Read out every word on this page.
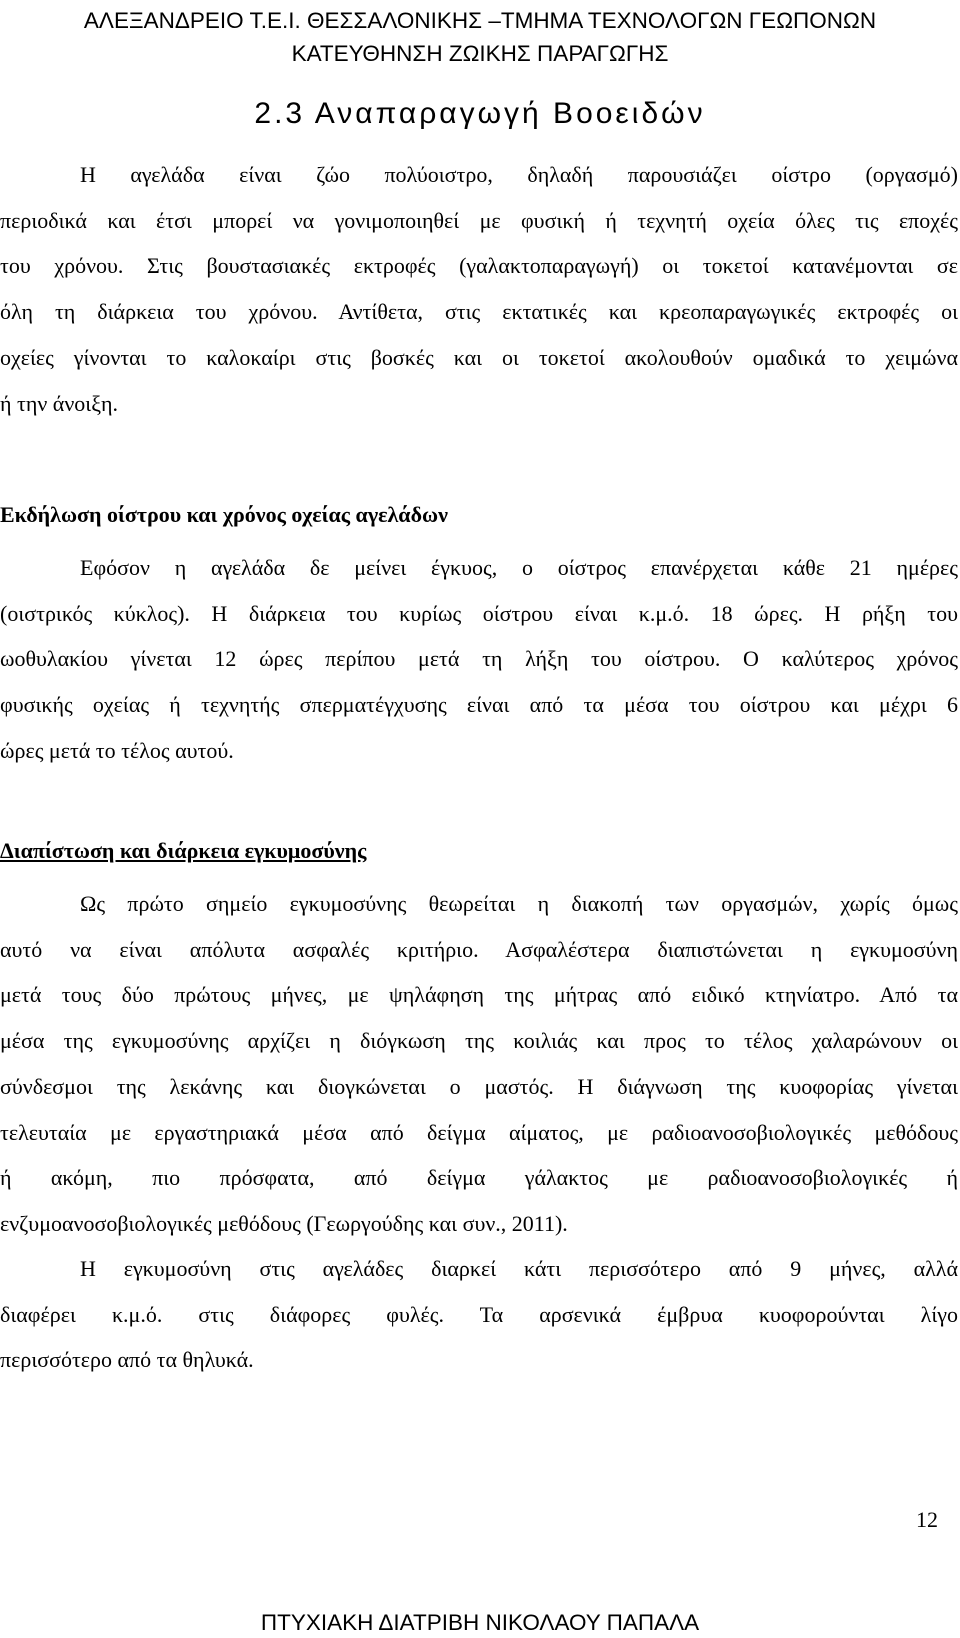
ΑΛΕΞΑΝΔΡΕΙΟ Τ.Ε.Ι. ΘΕΣΣΑΛΟΝΙΚΗΣ –ΤΜΗΜΑ ΤΕΧΝΟΛΟΓΩΝ ΓΕΩΠΟΝΩΝ
ΚΑΤΕΥΘΗΝΣΗ ΖΩΙΚΗΣ ΠΑΡΑΓΩΓΗΣ
2.3 Αναπαραγωγή Βοοειδών
Η αγελάδα είναι ζώο πολύοιστρο, δηλαδή παρουσιάζει οίστρο (οργασμό)
περιοδικά και έτσι μπορεί να γονιμοποιηθεί με φυσική ή τεχνητή οχεία όλες τις εποχές
του χρόνου. Στις βουστασιακές εκτροφές (γαλακτοπαραγωγή) οι τοκετοί κατανέμονται σε
όλη τη διάρκεια του χρόνου. Αντίθετα, στις εκτατικές και κρεοπαραγωγικές εκτροφές οι
οχείες γίνονται το καλοκαίρι στις βοσκές και οι τοκετοί ακολουθούν ομαδικά το χειμώνα
ή την άνοιξη.
Εκδήλωση οίστρου και χρόνος οχείας αγελάδων
Εφόσον η αγελάδα δε μείνει έγκυος, ο οίστρος επανέρχεται κάθε 21 ημέρες
(οιστρικός κύκλος). Η διάρκεια του κυρίως οίστρου είναι κ.μ.ό. 18 ώρες. Η ρήξη του
ωοθυλακίου γίνεται 12 ώρες περίπου μετά τη λήξη του οίστρου. Ο καλύτερος χρόνος
φυσικής οχείας ή τεχνητής σπερματέγχυσης είναι από τα μέσα του οίστρου και μέχρι 6
ώρες μετά το τέλος αυτού.
Διαπίστωση και διάρκεια εγκυμοσύνης
Ως πρώτο σημείο εγκυμοσύνης θεωρείται η διακοπή των οργασμών, χωρίς όμως
αυτό να είναι απόλυτα ασφαλές κριτήριο. Ασφαλέστερα διαπιστώνεται η εγκυμοσύνη
μετά τους δύο πρώτους μήνες, με ψηλάφηση της μήτρας από ειδικό κτηνίατρο. Από τα
μέσα της εγκυμοσύνης αρχίζει η διόγκωση της κοιλιάς και προς το τέλος χαλαρώνουν οι
σύνδεσμοι της λεκάνης και διογκώνεται ο μαστός. Η διάγνωση της κυοφορίας γίνεται
τελευταία με εργαστηριακά μέσα από δείγμα αίματος, με ραδιοανοσοβιολογικές μεθόδους
ή ακόμη, πιο πρόσφατα, από δείγμα γάλακτος με ραδιοανοσοβιολογικές ή
ενζυμοανοσοβιολογικές μεθόδους (Γεωργούδης και συν., 2011).
Η εγκυμοσύνη στις αγελάδες διαρκεί κάτι περισσότερο από 9 μήνες, αλλά
διαφέρει κ.μ.ό. στις διάφορες φυλές. Τα αρσενικά έμβρυα κυοφορούνται λίγο
περισσότερο από τα θηλυκά.
12
ΠΤΥΧΙΑΚΗ ΔΙΑΤΡΙΒΗ ΝΙΚΟΛΑΟΥ ΠΑΠΑΛΑ
